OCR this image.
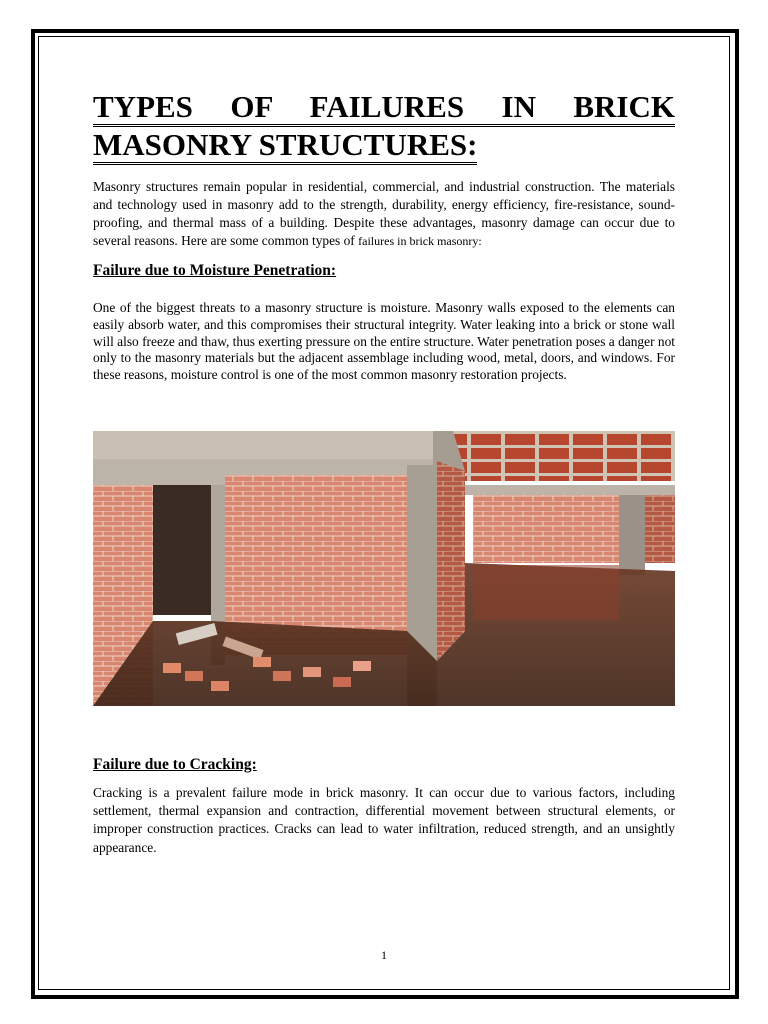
TYPES OF FAILURES IN BRICK MASONRY STRUCTURES:
Masonry structures remain popular in residential, commercial, and industrial construction. The materials and technology used in masonry add to the strength, durability, energy efficiency, fire-resistance, sound-proofing, and thermal mass of a building. Despite these advantages, masonry damage can occur due to several reasons. Here are some common types of failures in brick masonry:
Failure due to Moisture Penetration:
One of the biggest threats to a masonry structure is moisture. Masonry walls exposed to the elements can easily absorb water, and this compromises their structural integrity. Water leaking into a brick or stone wall will also freeze and thaw, thus exerting pressure on the entire structure. Water penetration poses a danger not only to the masonry materials but the adjacent assemblage including wood, metal, doors, and windows. For these reasons, moisture control is one of the most common masonry restoration projects.
Failure due to Cracking:
Cracking is a prevalent failure mode in brick masonry. It can occur due to various factors, including settlement, thermal expansion and contraction, differential movement between structural elements, or improper construction practices. Cracks can lead to water infiltration, reduced strength, and an unsightly appearance.
1
